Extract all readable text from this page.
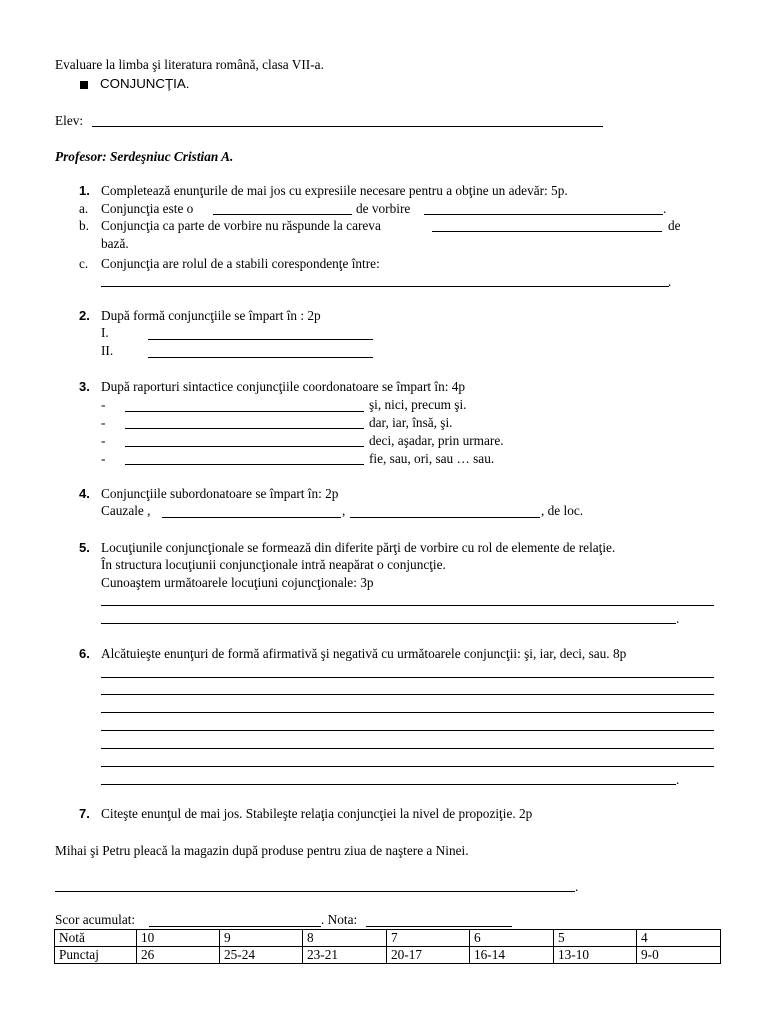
Evaluare la limba şi literatura română, clasa VII-a.
CONJUNCŢIA.
Elev:
Profesor: Serdeşniuc Cristian A.
1. Completează enunţurile de mai jos cu expresiile necesare pentru a obţine un adevăr: 5p.
a. Conjuncţia este o	de vorbire	.
b. Conjuncţia ca parte de vorbire nu răspunde la careva	de
bază.
c. Conjuncţia are rolul de a stabili corespondenţe între:
.
2. După formă conjuncţiile se împart în : 2p
I.
II.
3. După raporturi sintactice conjuncţiile coordonatoare se împart în: 4p
-	şi, nici, precum şi.
-	dar, iar, însă, şi.
-	deci, aşadar, prin urmare.
-	fie, sau, ori, sau … sau.
4. Conjuncţiile subordonatoare se împart în: 2p
Cauzale ,	,	, de loc.
5. Locuţiunile conjuncţionale se formează din diferite părţi de vorbire cu rol de elemente de relaţie.
În structura locuţiunii conjuncţionale intră neapărat o conjuncţie.
Cunoaştem următoarele locuţiuni cojuncţionale: 3p
.
6. Alcătuieşte enunţuri de formă afirmativă şi negativă cu următoarele conjuncţii: şi, iar, deci, sau. 8p
.
7. Citeşte enunţul de mai jos. Stabileşte relaţia conjuncţiei la nivel de propoziţie. 2p
Mihai şi Petru pleacă la magazin după produse pentru ziua de naştere a Ninei.
.
Scor acumulat:	. Nota:
Notă	10	9	8	7	6	5	4
Punctaj	26	25-24	23-21	20-17	16-14	13-10	9-0
